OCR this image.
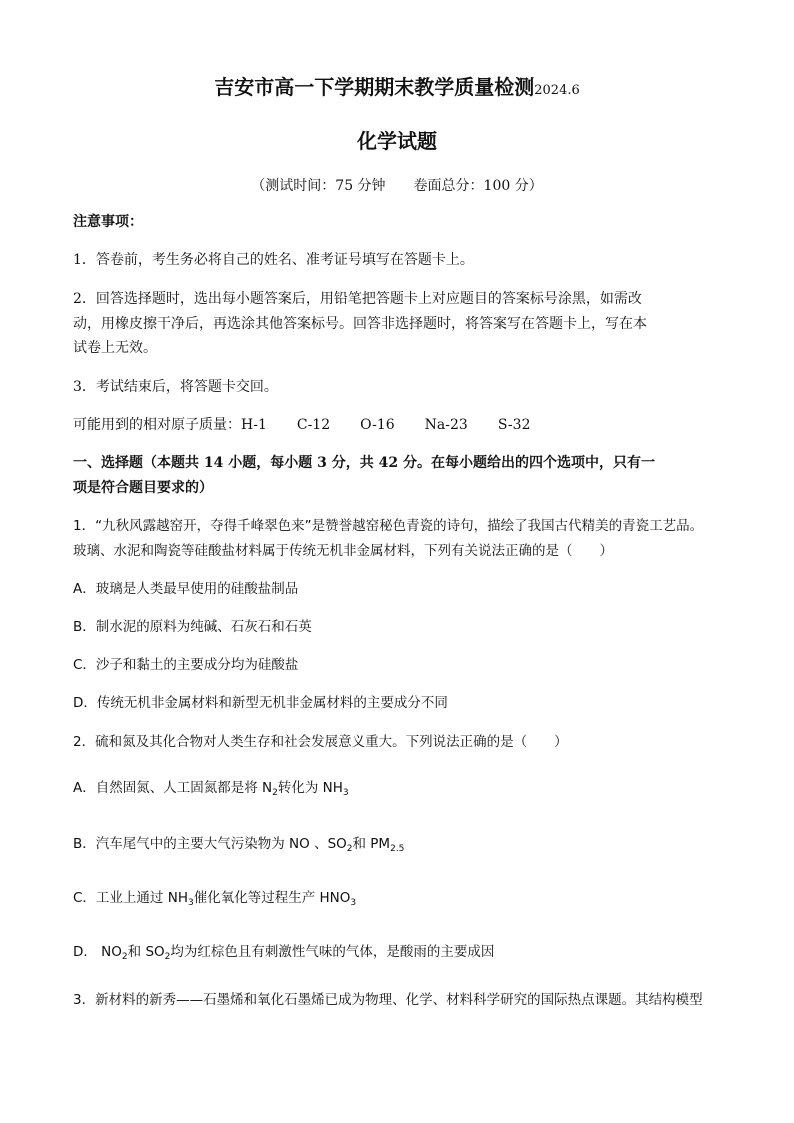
吉安市高一下学期期末教学质量检测2024.6
化学试题
（测试时间：75 分钟　　卷面总分：100 分）
注意事项：
1．答卷前，考生务必将自己的姓名、准考证号填写在答题卡上。
2．回答选择题时，选出每小题答案后，用铅笔把答题卡上对应题目的答案标号涂黑，如需改
动，用橡皮擦干净后，再选涂其他答案标号。回答非选择题时，将答案写在答题卡上，写在本
试卷上无效。
3．考试结束后，将答题卡交回。
可能用到的相对原子质量：H-1 C-12 O-16 Na-23 S-32
一、选择题（本题共 14 小题，每小题 3 分，共 42 分。在每小题给出的四个选项中，只有一
项是符合题目要求的）
1．“九秋风露越窑开，夺得千峰翠色来”是赞誉越窑秘色青瓷的诗句，描绘了我国古代精美的青瓷工艺品。
玻璃、水泥和陶瓷等硅酸盐材料属于传统无机非金属材料，下列有关说法正确的是（　　）
A．玻璃是人类最早使用的硅酸盐制品
B．制水泥的原料为纯碱、石灰石和石英
C．沙子和黏土的主要成分均为硅酸盐
D．传统无机非金属材料和新型无机非金属材料的主要成分不同
2．硫和氮及其化合物对人类生存和社会发展意义重大。下列说法正确的是（　　）
A．自然固氮、人工固氮都是将 $N_2$转化为 $NH_3$
B．汽车尾气中的主要大气污染物为 NO 、$SO_2$和 $PM_{2.5}$
C．工业上通过 $NH_3$催化氧化等过程生产 $HNO_3$
D． $NO_2$和 $SO_2$均为红棕色且有刺激性气味的气体，是酸雨的主要成因
3．新材料的新秀——石墨烯和氧化石墨烯已成为物理、化学、材料科学研究的国际热点课题。其结构模型
